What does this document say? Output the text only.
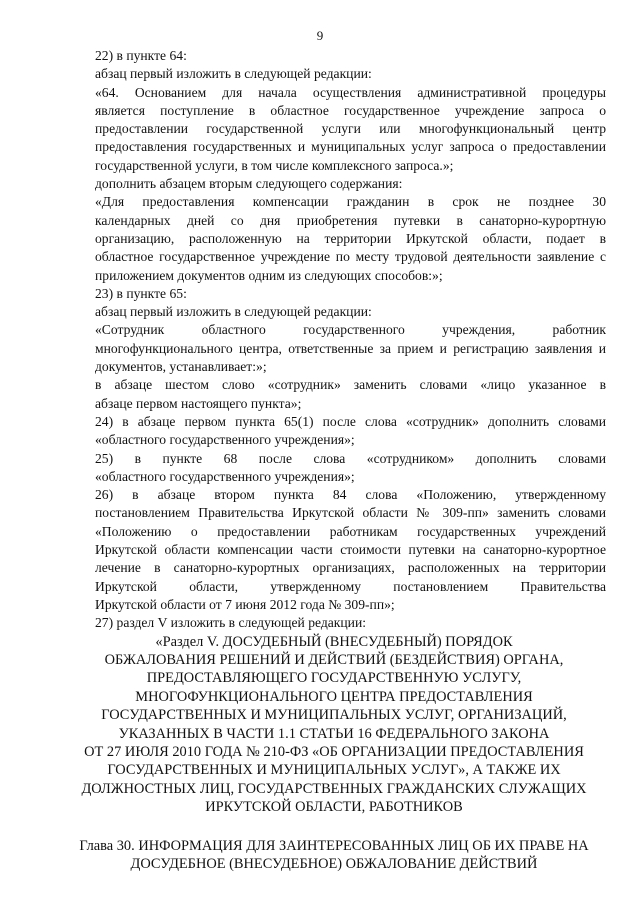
9
22) в пункте 64:
абзац первый изложить в следующей редакции:
«64. Основанием для начала осуществления административной процедуры
является поступление в областное государственное учреждение запроса о
предоставлении государственной услуги или многофункциональный центр
предоставления государственных и муниципальных услуг запроса о предоставлении
государственной услуги, в том числе комплексного запроса.»;
дополнить абзацем вторым следующего содержания:
«Для предоставления компенсации гражданин в срок не позднее 30
календарных дней со дня приобретения путевки в санаторно-курортную
организацию, расположенную на территории Иркутской области, подает в
областное государственное учреждение по месту трудовой деятельности заявление с
приложением документов одним из следующих способов:»;
23) в пункте 65:
абзац первый изложить в следующей редакции:
«Сотрудник областного государственного учреждения, работник
многофункционального центра, ответственные за прием и регистрацию заявления и
документов, устанавливает:»;
в абзаце шестом слово «сотрудник» заменить словами «лицо указанное в
абзаце первом настоящего пункта»;
24) в абзаце первом пункта 65(1) после слова «сотрудник» дополнить словами
«областного государственного учреждения»;
25) в пункте 68 после слова «сотрудником» дополнить словами
«областного государственного учреждения»;
26) в абзаце втором пункта 84 слова «Положению, утвержденному
постановлением Правительства Иркутской области № 309-пп» заменить словами
«Положению о предоставлении работникам государственных учреждений
Иркутской области компенсации части стоимости путевки на санаторно-курортное
лечение в санаторно-курортных организациях, расположенных на территории
Иркутской области, утвержденному постановлением Правительства
Иркутской области от 7 июня 2012 года № 309-пп»;
27) раздел V изложить в следующей редакции:
«Раздел V. ДОСУДЕБНЫЙ (ВНЕСУДЕБНЫЙ) ПОРЯДОК
ОБЖАЛОВАНИЯ РЕШЕНИЙ И ДЕЙСТВИЙ (БЕЗДЕЙСТВИЯ) ОРГАНА,
ПРЕДОСТАВЛЯЮЩЕГО ГОСУДАРСТВЕННУЮ УСЛУГУ,
МНОГОФУНКЦИОНАЛЬНОГО ЦЕНТРА ПРЕДОСТАВЛЕНИЯ
ГОСУДАРСТВЕННЫХ И МУНИЦИПАЛЬНЫХ УСЛУГ, ОРГАНИЗАЦИЙ,
УКАЗАННЫХ В ЧАСТИ 1.1 СТАТЬИ 16 ФЕДЕРАЛЬНОГО ЗАКОНА
ОТ 27 ИЮЛЯ 2010 ГОДА № 210-ФЗ «ОБ ОРГАНИЗАЦИИ ПРЕДОСТАВЛЕНИЯ
ГОСУДАРСТВЕННЫХ И МУНИЦИПАЛЬНЫХ УСЛУГ», А ТАКЖЕ ИХ
ДОЛЖНОСТНЫХ ЛИЦ, ГОСУДАРСТВЕННЫХ ГРАЖДАНСКИХ СЛУЖАЩИХ
ИРКУТСКОЙ ОБЛАСТИ, РАБОТНИКОВ
Глава 30. ИНФОРМАЦИЯ ДЛЯ ЗАИНТЕРЕСОВАННЫХ ЛИЦ ОБ ИХ ПРАВЕ НА
ДОСУДЕБНОЕ (ВНЕСУДЕБНОЕ) ОБЖАЛОВАНИЕ ДЕЙСТВИЙ
